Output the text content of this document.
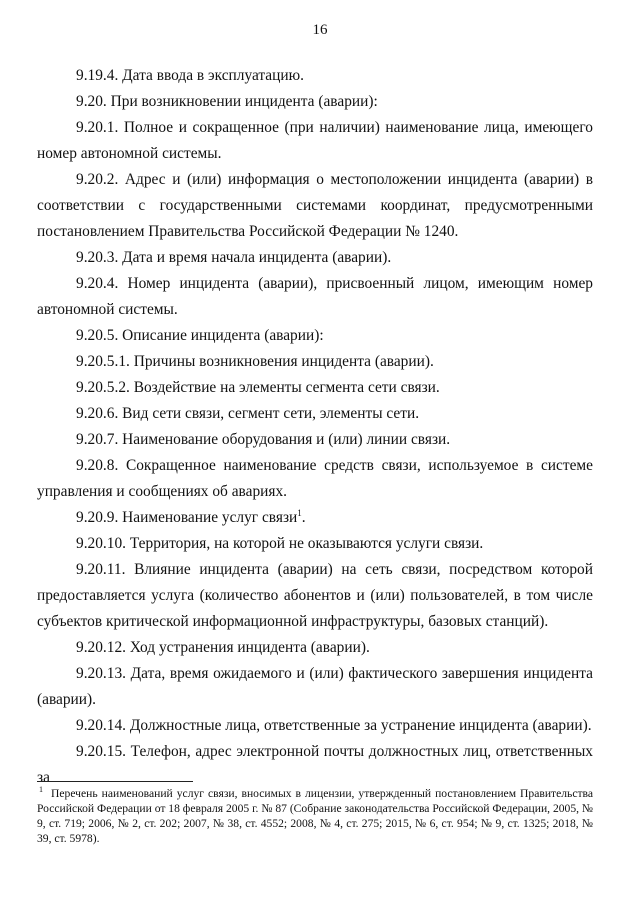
16

9.19.4. Дата ввода в эксплуатацию.

9.20. При возникновении инцидента (аварии):

9.20.1. Полное и сокращенное (при наличии) наименование лица, имеющего номер автономной системы.

9.20.2. Адрес и (или) информация о местоположении инцидента (аварии) в соответствии с государственными системами координат, предусмотренными постановлением Правительства Российской Федерации № 1240.

9.20.3. Дата и время начала инцидента (аварии).

9.20.4. Номер инцидента (аварии), присвоенный лицом, имеющим номер автономной системы.

9.20.5. Описание инцидента (аварии):

9.20.5.1. Причины возникновения инцидента (аварии).

9.20.5.2. Воздействие на элементы сегмента сети связи.

9.20.6. Вид сети связи, сегмент сети, элементы сети.

9.20.7. Наименование оборудования и (или) линии связи.

9.20.8. Сокращенное наименование средств связи, используемое в системе управления и сообщениях об авариях.

9.20.9. Наименование услуг связи$^1$.

9.20.10. Территория, на которой не оказываются услуги связи.

9.20.11. Влияние инцидента (аварии) на сеть связи, посредством которой предоставляется услуга (количество абонентов и (или) пользователей, в том числе субъектов критической информационной инфраструктуры, базовых станций).

9.20.12. Ход устранения инцидента (аварии).

9.20.13. Дата, время ожидаемого и (или) фактического завершения инцидента (аварии).

9.20.14. Должностные лица, ответственные за устранение инцидента (аварии).

9.20.15. Телефон, адрес электронной почты должностных лиц, ответственных за

$^1$ Перечень наименований услуг связи, вносимых в лицензии, утвержденный постановлением Правительства Российской Федерации от 18 февраля 2005 г. № 87 (Собрание законодательства Российской Федерации, 2005, № 9, ст. 719; 2006, № 2, ст. 202; 2007, № 38, ст. 4552; 2008, № 4, ст. 275; 2015, № 6, ст. 954; № 9, ст. 1325; 2018, № 39, ст. 5978).
